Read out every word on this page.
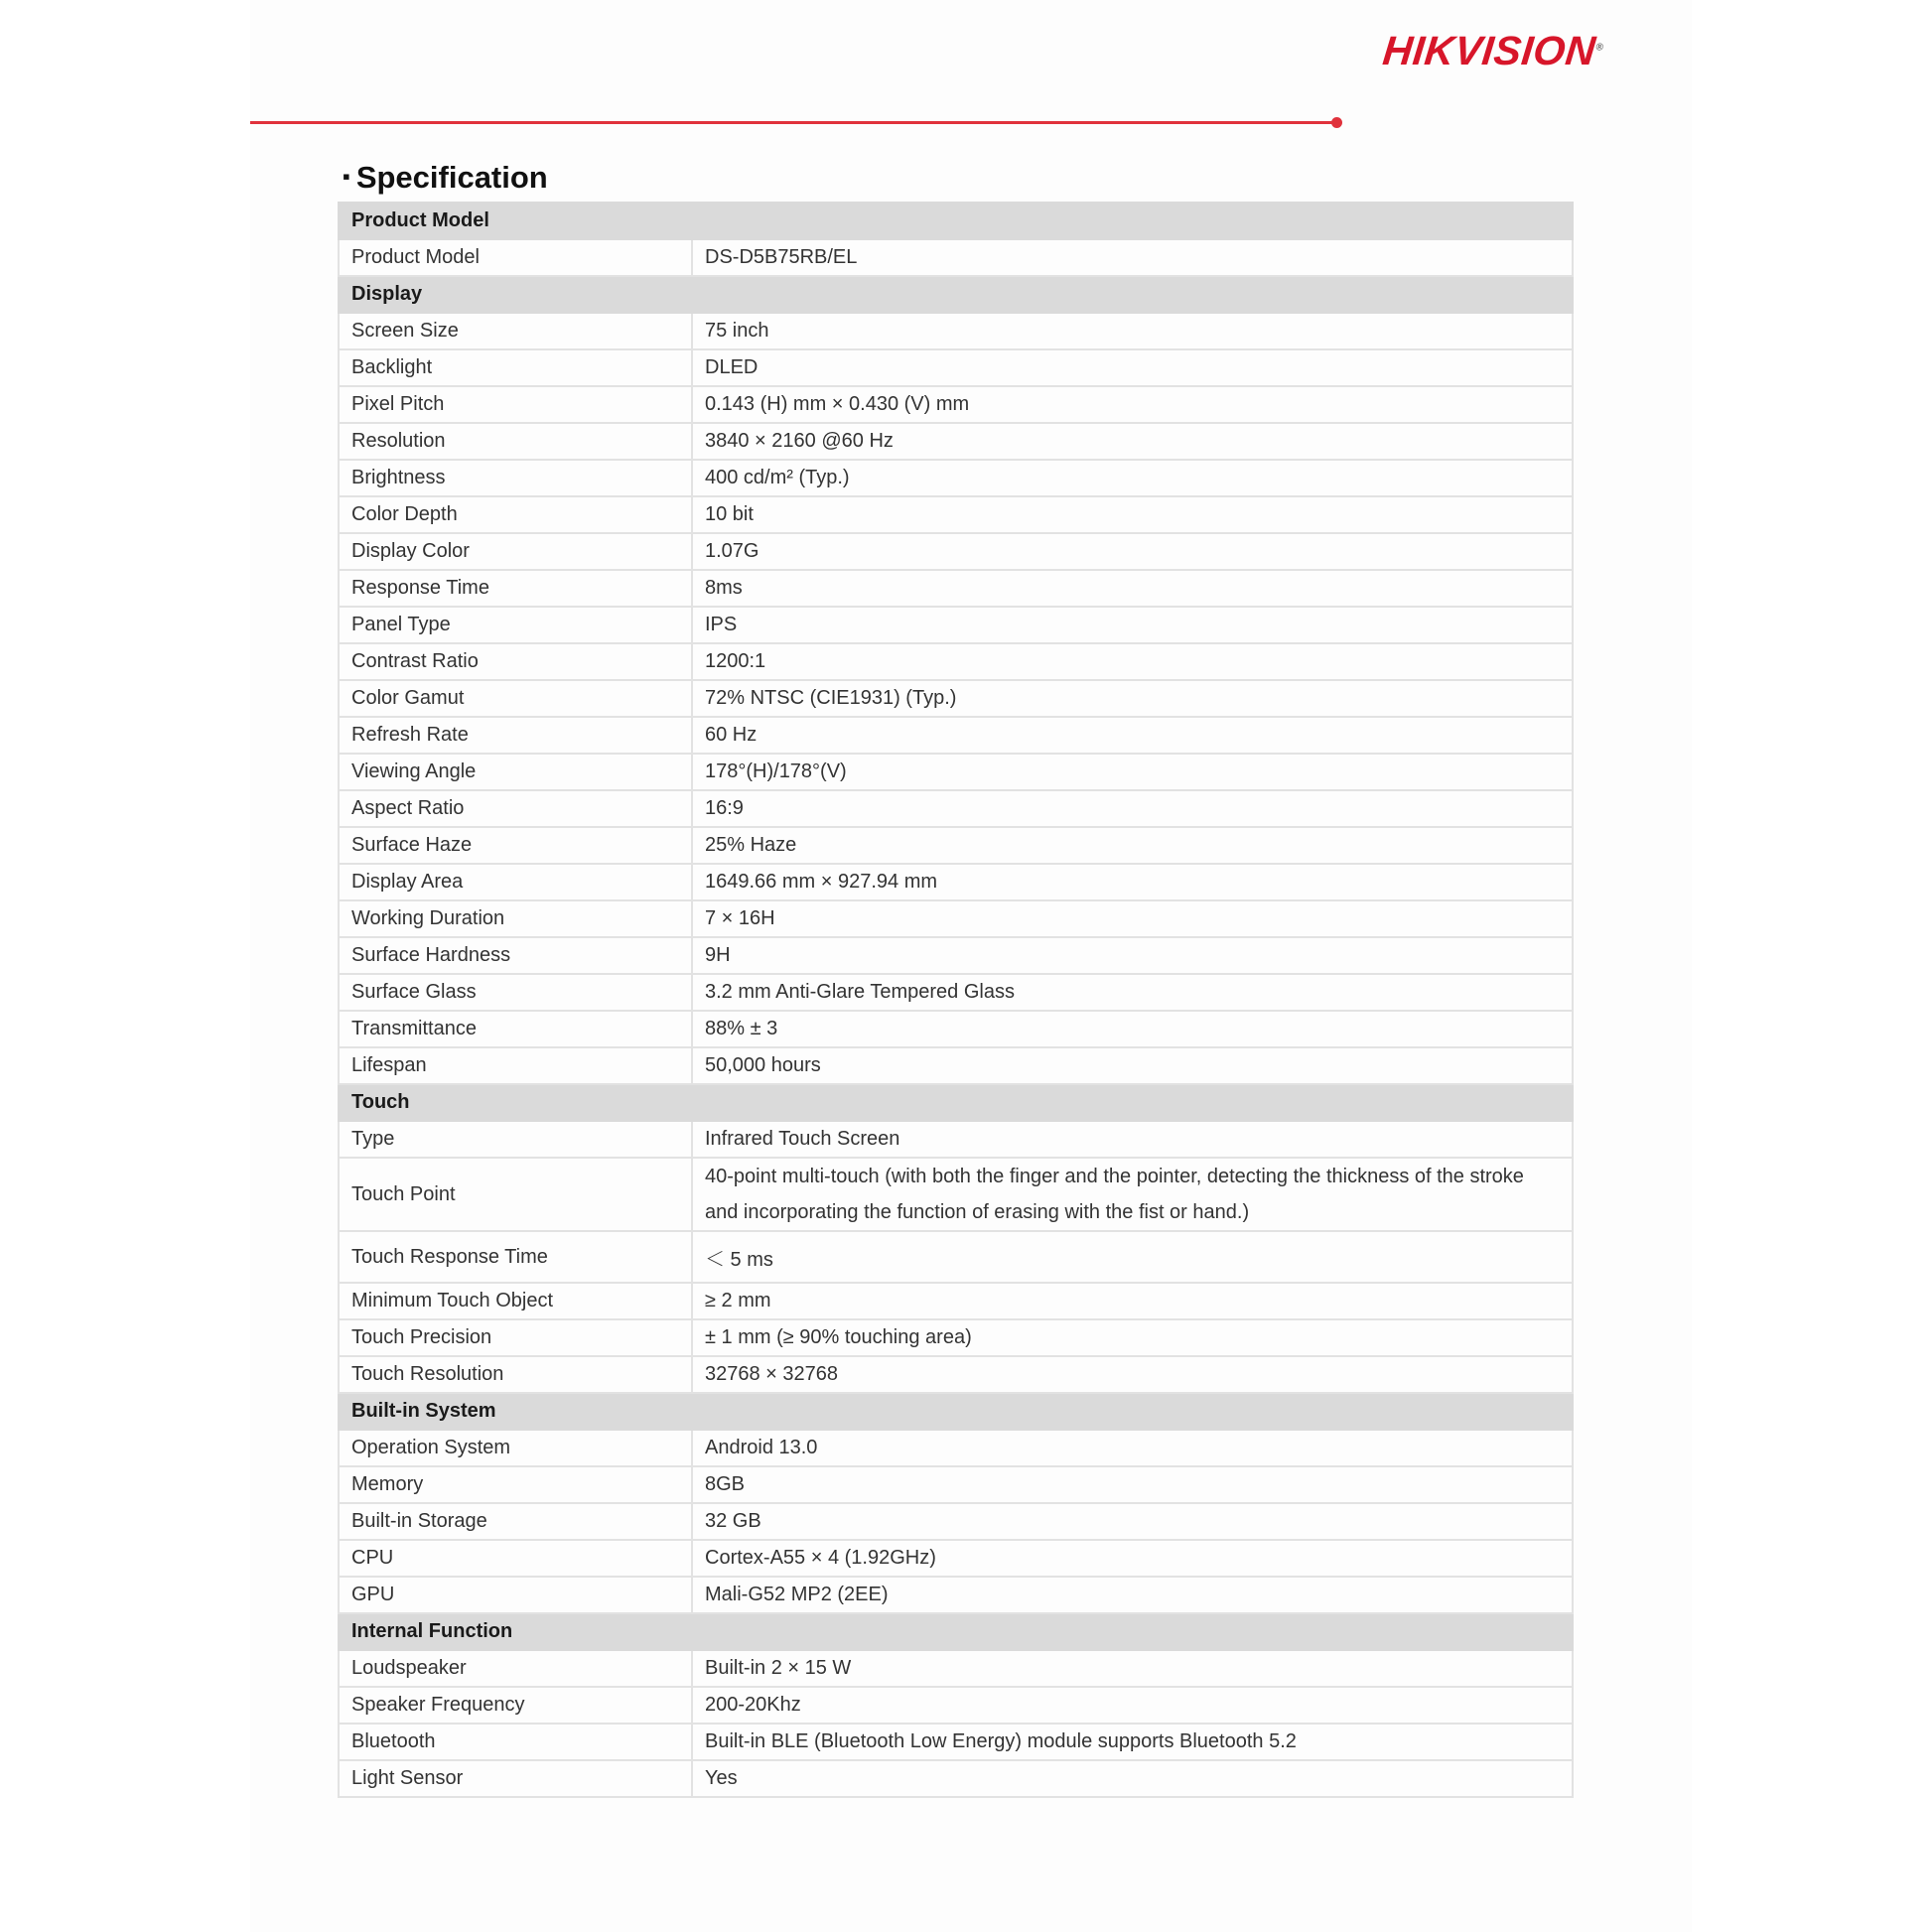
HIKVISION®
▪ Specification
Product Model	
Product Model	DS-D5B75RB/EL
Display	
Screen Size	75 inch
Backlight	DLED
Pixel Pitch	0.143 (H) mm × 0.430 (V) mm
Resolution	3840 × 2160 @60 Hz
Brightness	400 cd/m² (Typ.)
Color Depth	10 bit
Display Color	1.07G
Response Time	8ms
Panel Type	IPS
Contrast Ratio	1200:1
Color Gamut	72% NTSC (CIE1931) (Typ.)
Refresh Rate	60 Hz
Viewing Angle	178°(H)/178°(V)
Aspect Ratio	16:9
Surface Haze	25% Haze
Display Area	1649.66 mm × 927.94 mm
Working Duration	7 × 16H
Surface Hardness	9H
Surface Glass	3.2 mm Anti-Glare Tempered Glass
Transmittance	88% ± 3
Lifespan	50,000 hours
Touch	
Type	Infrared Touch Screen
Touch Point	40-point multi-touch (with both the finger and the pointer, detecting the thickness of the stroke and incorporating the function of erasing with the fist or hand.)
Touch Response Time	＜ 5 ms
Minimum Touch Object	≥ 2 mm
Touch Precision	± 1 mm (≥ 90% touching area)
Touch Resolution	32768 × 32768
Built-in System	
Operation System	Android 13.0
Memory	8GB
Built-in Storage	32 GB
CPU	Cortex-A55 × 4 (1.92GHz)
GPU	Mali-G52 MP2 (2EE)
Internal Function	
Loudspeaker	Built-in 2 × 15 W
Speaker Frequency	200-20Khz
Bluetooth	Built-in BLE (Bluetooth Low Energy) module supports Bluetooth 5.2
Light Sensor	Yes
